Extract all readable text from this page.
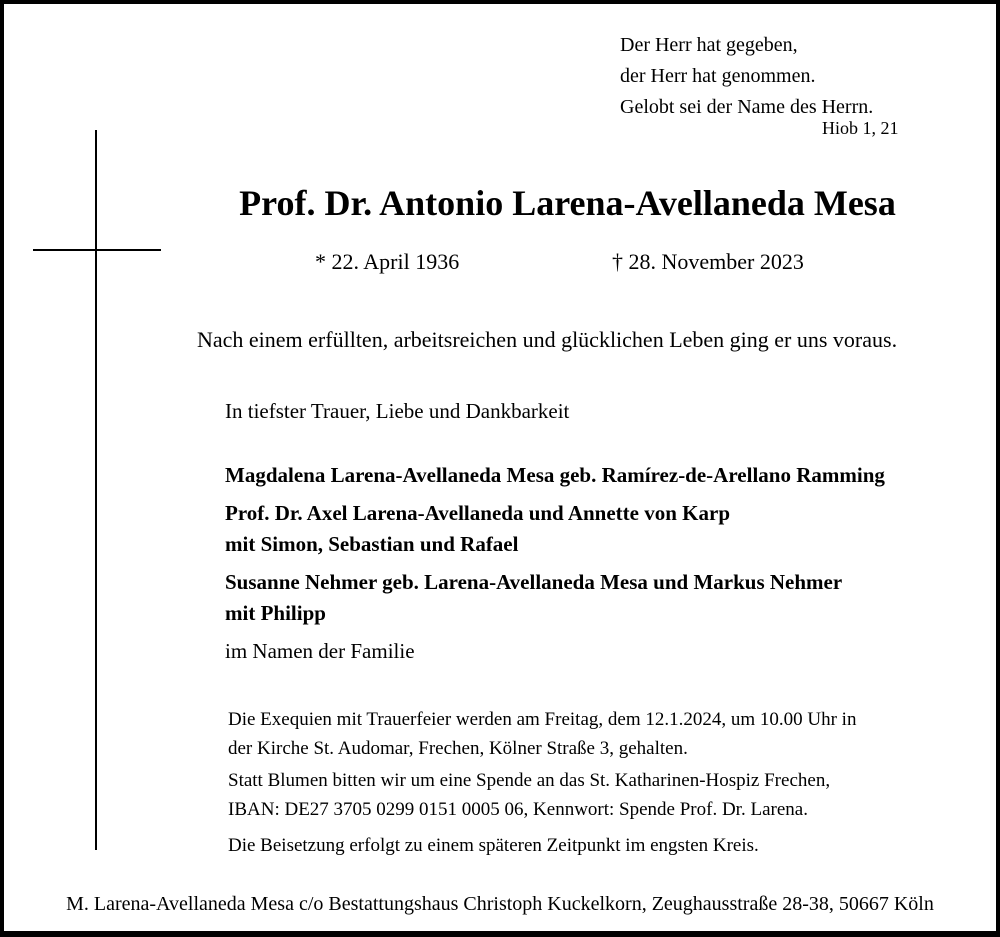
Der Herr hat gegeben,
der Herr hat genommen.
Gelobt sei der Name des Herrn.
Hiob 1, 21
Prof. Dr. Antonio Larena-Avellaneda Mesa
* 22. April 1936	† 28. November 2023
Nach einem erfüllten, arbeitsreichen und glücklichen Leben ging er uns voraus.
In tiefster Trauer, Liebe und Dankbarkeit
Magdalena Larena-Avellaneda Mesa geb. Ramírez-de-Arellano Ramming
Prof. Dr. Axel Larena-Avellaneda und Annette von Karp
mit Simon, Sebastian und Rafael
Susanne Nehmer geb. Larena-Avellaneda Mesa und Markus Nehmer
mit Philipp
im Namen der Familie
Die Exequien mit Trauerfeier werden am Freitag, dem 12.1.2024, um 10.00 Uhr in
der Kirche St. Audomar, Frechen, Kölner Straße 3, gehalten.
Statt Blumen bitten wir um eine Spende an das St. Katharinen-Hospiz Frechen,
IBAN: DE27 3705 0299 0151 0005 06, Kennwort: Spende Prof. Dr. Larena.
Die Beisetzung erfolgt zu einem späteren Zeitpunkt im engsten Kreis.
M. Larena-Avellaneda Mesa c/o Bestattungshaus Christoph Kuckelkorn, Zeughausstraße 28-38, 50667 Köln
